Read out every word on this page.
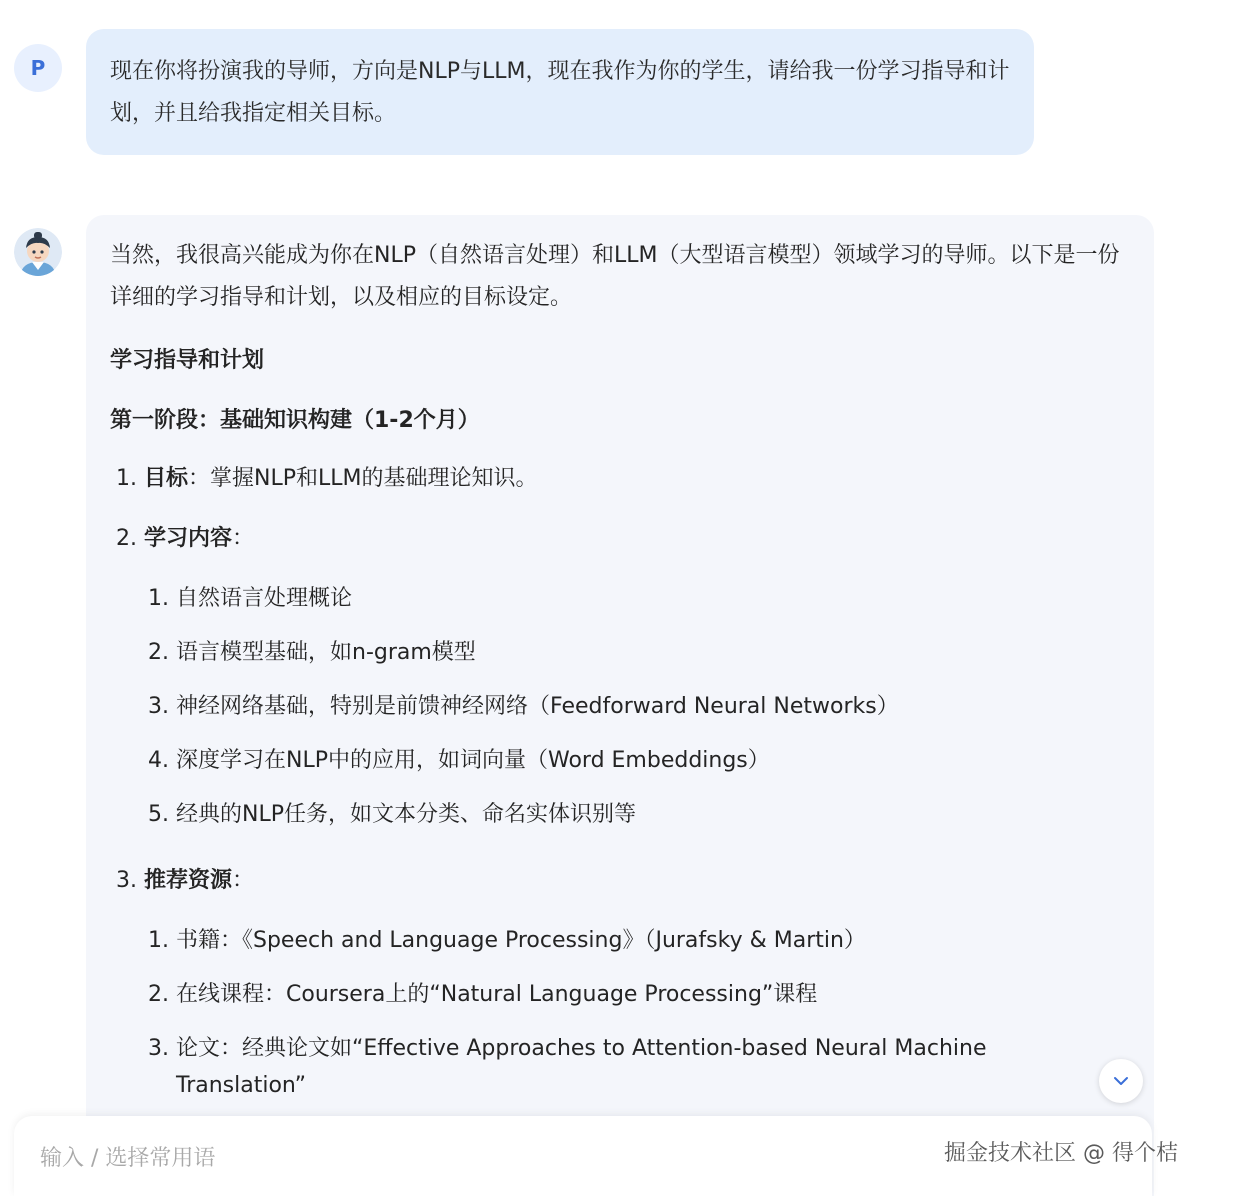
P	现在你将扮演我的导师，方向是NLP与LLM，现在我作为你的学生，请给我一份学习指导和计划，并且给我指定相关目标。
当然，我很高兴能成为你在NLP（自然语言处理）和LLM（大型语言模型）领域学习的导师。以下是一份详细的学习指导和计划，以及相应的目标设定。
学习指导和计划
第一阶段：基础知识构建（1-2个月）
1. 目标：掌握NLP和LLM的基础理论知识。
2. 学习内容：
1. 自然语言处理概论
2. 语言模型基础，如n-gram模型
3. 神经网络基础，特别是前馈神经网络（Feedforward Neural Networks）
4. 深度学习在NLP中的应用，如词向量（Word Embeddings）
5. 经典的NLP任务，如文本分类、命名实体识别等
3. 推荐资源：
1. 书籍：《Speech and Language Processing》（Jurafsky & Martin）
2. 在线课程：Coursera上的“Natural Language Processing”课程
3. 论文：经典论文如“Effective Approaches to Attention-based Neural Machine
Translation”
输入 / 选择常用语
掘金技术社区 @ 得个桔
